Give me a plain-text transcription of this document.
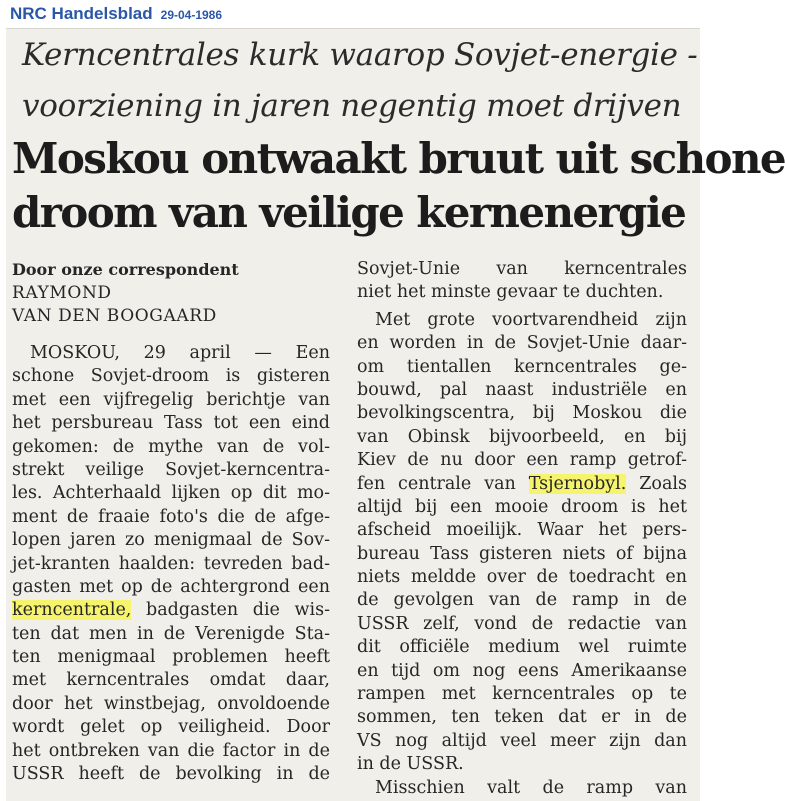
NRC Handelsblad 29-04-1986
Kerncentrales kurk waarop Sovjet-energie -
voorziening in jaren negentig moet drijven
Moskou ontwaakt bruut uit schone
droom van veilige kernenergie
Door onze correspondent
RAYMOND
VAN DEN BOOGAARD
MOSKOU, 29 april — Een
schone Sovjet-droom is gisteren
met een vijfregelig berichtje van
het persbureau Tass tot een eind
gekomen: de mythe van de vol-
strekt veilige Sovjet-kerncentra-
les. Achterhaald lijken op dit mo-
ment de fraaie foto's die de afge-
lopen jaren zo menigmaal de Sov-
jet-kranten haalden: tevreden bad-
gasten met op de achtergrond een
kerncentrale, badgasten die wis-
ten dat men in de Verenigde Sta-
ten menigmaal problemen heeft
met kerncentrales omdat daar,
door het winstbejag, onvoldoende
wordt gelet op veiligheid. Door
het ontbreken van die factor in de
USSR heeft de bevolking in de
Sovjet-Unie van kerncentrales
niet het minste gevaar te duchten.
Met grote voortvarendheid zijn
en worden in de Sovjet-Unie daar-
om tientallen kerncentrales ge-
bouwd, pal naast industriële en
bevolkingscentra, bij Moskou die
van Obinsk bijvoorbeeld, en bij
Kiev de nu door een ramp getrof-
fen centrale van Tsjernobyl. Zoals
altijd bij een mooie droom is het
afscheid moeilijk. Waar het pers-
bureau Tass gisteren niets of bijna
niets meldde over de toedracht en
de gevolgen van de ramp in de
USSR zelf, vond de redactie van
dit officiële medium wel ruimte
en tijd om nog eens Amerikaanse
rampen met kerncentrales op te
sommen, ten teken dat er in de
VS nog altijd veel meer zijn dan
in de USSR.
Misschien valt de ramp van
